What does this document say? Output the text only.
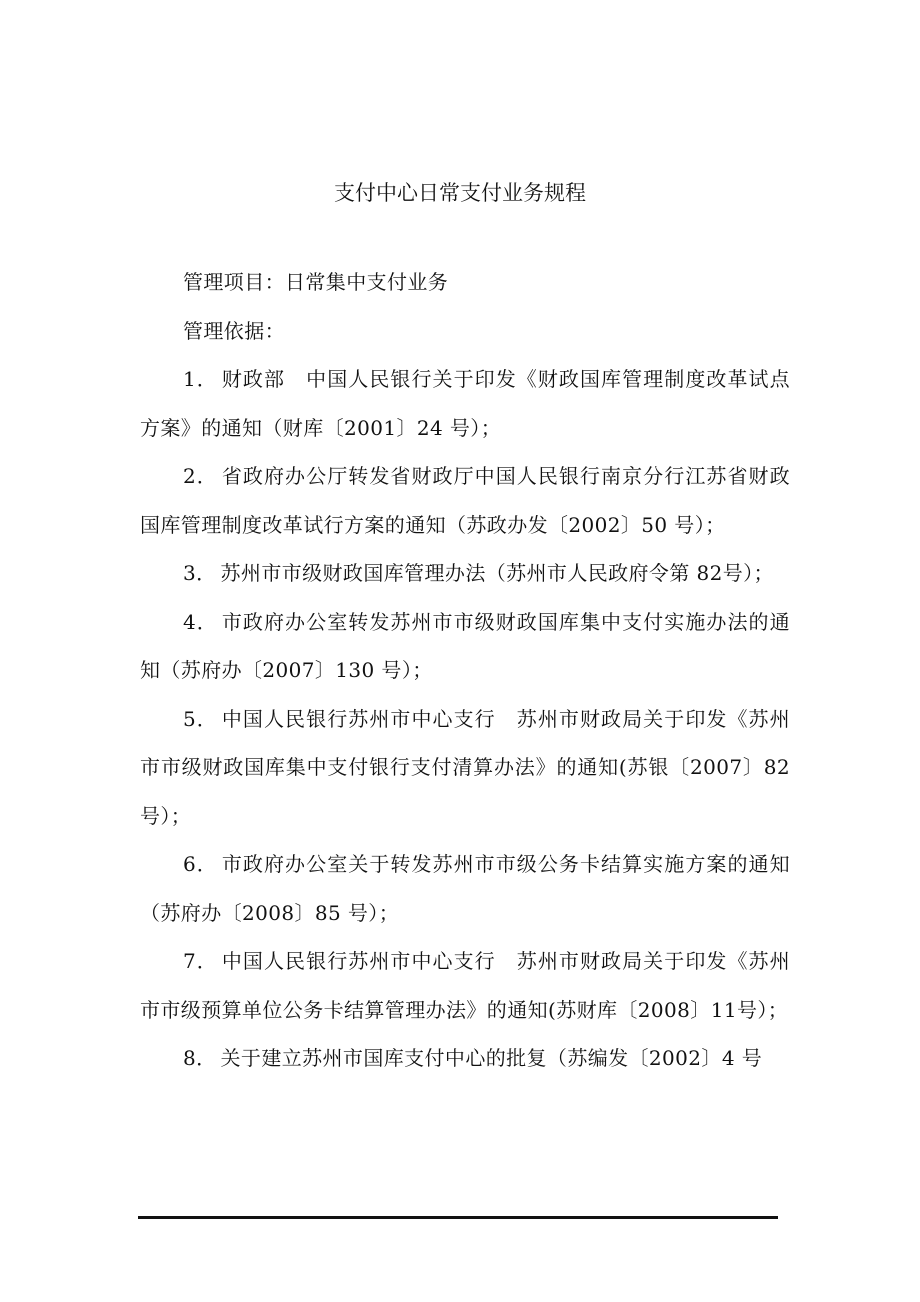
支付中心日常支付业务规程

管理项目：日常集中支付业务

管理依据：

1． 财政部　中国人民银行关于印发《财政国库管理制度改革试点方案》的通知（财库〔2001〕24 号）；

2． 省政府办公厅转发省财政厅中国人民银行南京分行江苏省财政国库管理制度改革试行方案的通知（苏政办发〔2002〕50 号）；

3． 苏州市市级财政国库管理办法（苏州市人民政府令第 82号）；

4． 市政府办公室转发苏州市市级财政国库集中支付实施办法的通知（苏府办〔2007〕130 号）；

5． 中国人民银行苏州市中心支行　苏州市财政局关于印发《苏州市市级财政国库集中支付银行支付清算办法》的通知(苏银〔2007〕82 号）；

6． 市政府办公室关于转发苏州市市级公务卡结算实施方案的通知（苏府办〔2008〕85 号）；

7． 中国人民银行苏州市中心支行　苏州市财政局关于印发《苏州市市级预算单位公务卡结算管理办法》的通知(苏财库〔2008〕11号）；

8． 关于建立苏州市国库支付中心的批复（苏编发〔2002〕4 号
